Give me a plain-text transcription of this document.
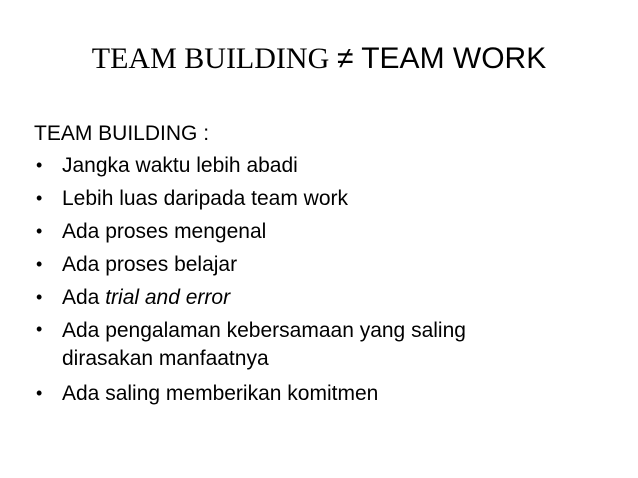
TEAM BUILDING ≠ TEAM WORK
TEAM BUILDING :
• Jangka waktu lebih abadi
• Lebih luas daripada team work
• Ada proses mengenal
• Ada proses belajar
• Ada trial and error
• Ada pengalaman kebersamaan yang saling
dirasakan manfaatnya
• Ada saling memberikan komitmen
